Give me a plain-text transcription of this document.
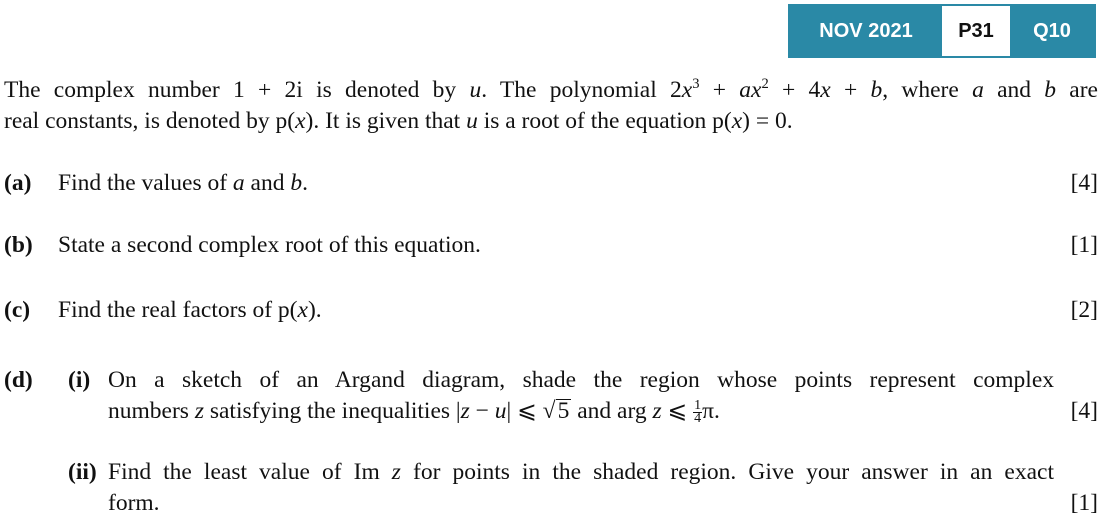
NOV 2021	P31	Q10
The complex number 1 + 2i is denoted by u. The polynomial $2x^3 + ax^2 + 4x + b$, where a and b are
real constants, is denoted by p(x). It is given that u is a root of the equation p(x) = 0.
(a) Find the values of a and b.	[4]
(b) State a second complex root of this equation.	[1]
(c) Find the real factors of p(x).	[2]
(d) (i) On a sketch of an Argand diagram, shade the region whose points represent complex
numbers z satisfying the inequalities |z − u| ⩽ √5 and arg z ⩽ $\frac{1}{4} \pi$.	[4]
(ii) Find the least value of Im z for points in the shaded region. Give your answer in an exact
form.	[1]
